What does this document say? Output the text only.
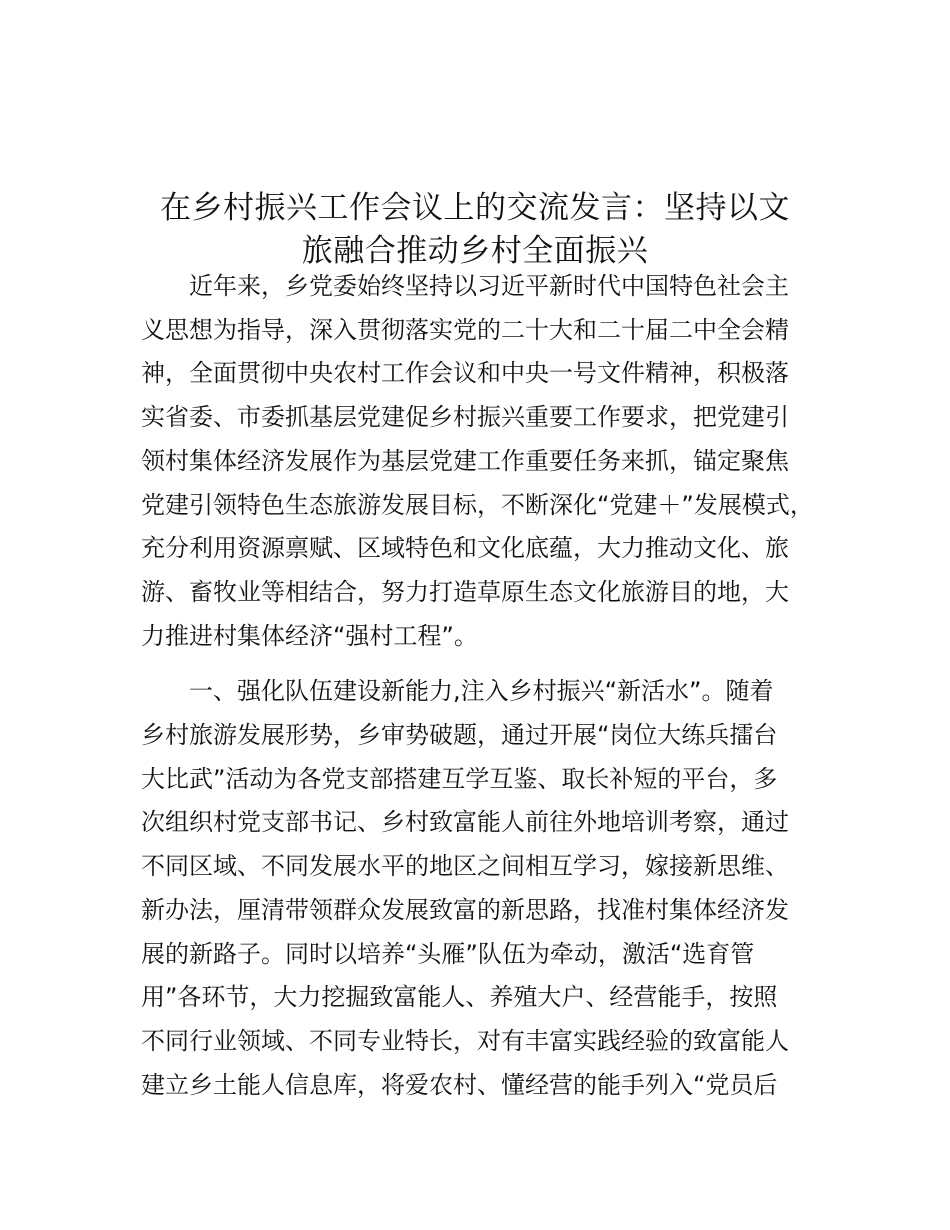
在乡村振兴工作会议上的交流发言：坚持以文
旅融合推动乡村全面振兴

近年来，乡党委始终坚持以习近平新时代中国特色社会主
义思想为指导，深入贯彻落实党的二十大和二十届二中全会精
神，全面贯彻中央农村工作会议和中央一号文件精神，积极落
实省委、市委抓基层党建促乡村振兴重要工作要求，把党建引
领村集体经济发展作为基层党建工作重要任务来抓，锚定聚焦
党建引领特色生态旅游发展目标，不断深化“党建＋”发展模式，
充分利用资源禀赋、区域特色和文化底蕴，大力推动文化、旅
游、畜牧业等相结合，努力打造草原生态文化旅游目的地，大
力推进村集体经济“强村工程”。

一、强化队伍建设新能力,注入乡村振兴“新活水”。随着
乡村旅游发展形势，乡审势破题，通过开展“岗位大练兵擂台
大比武”活动为各党支部搭建互学互鉴、取长补短的平台，多
次组织村党支部书记、乡村致富能人前往外地培训考察，通过
不同区域、不同发展水平的地区之间相互学习，嫁接新思维、
新办法，厘清带领群众发展致富的新思路，找准村集体经济发
展的新路子。同时以培养“头雁”队伍为牵动，激活“选育管
用”各环节，大力挖掘致富能人、养殖大户、经营能手，按照
不同行业领域、不同专业特长，对有丰富实践经验的致富能人
建立乡土能人信息库，将爱农村、懂经营的能手列入“党员后
